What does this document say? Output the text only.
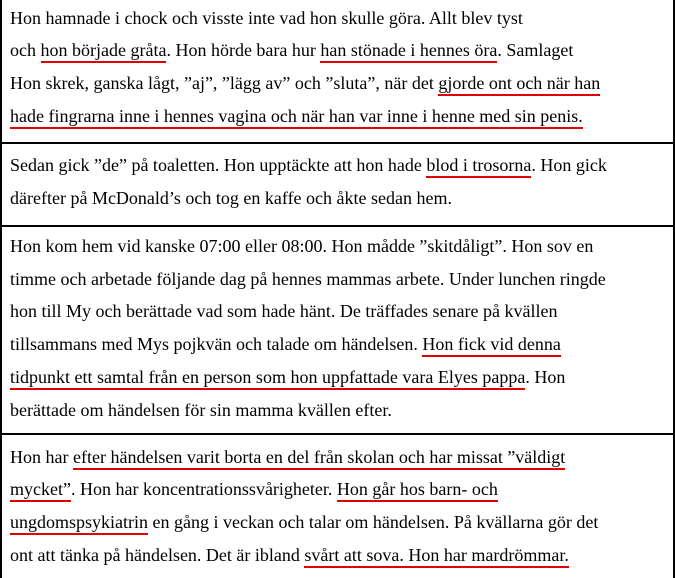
Hon hamnade i chock och visste inte vad hon skulle göra. Allt blev tyst
och hon började gråta. Hon hörde bara hur han stönade i hennes öra. Samlaget
Hon skrek, ganska lågt, ”aj”, ”lägg av” och ”sluta”, när det gjorde ont och när han
hade fingrarna inne i hennes vagina och när han var inne i henne med sin penis.
Sedan gick ”de” på toaletten. Hon upptäckte att hon hade blod i trosorna. Hon gick
därefter på McDonald’s och tog en kaffe och åkte sedan hem.
Hon kom hem vid kanske 07:00 eller 08:00. Hon mådde ”skitdåligt”. Hon sov en
timme och arbetade följande dag på hennes mammas arbete. Under lunchen ringde
hon till My och berättade vad som hade hänt. De träffades senare på kvällen
tillsammans med Mys pojkvän och talade om händelsen. Hon fick vid denna
tidpunkt ett samtal från en person som hon uppfattade vara Elyes pappa. Hon
berättade om händelsen för sin mamma kvällen efter.
Hon har efter händelsen varit borta en del från skolan och har missat ”väldigt
mycket”. Hon har koncentrationssvårigheter. Hon går hos barn- och
ungdomspsykiatrin en gång i veckan och talar om händelsen. På kvällarna gör det
ont att tänka på händelsen. Det är ibland svårt att sova. Hon har mardrömmar.
